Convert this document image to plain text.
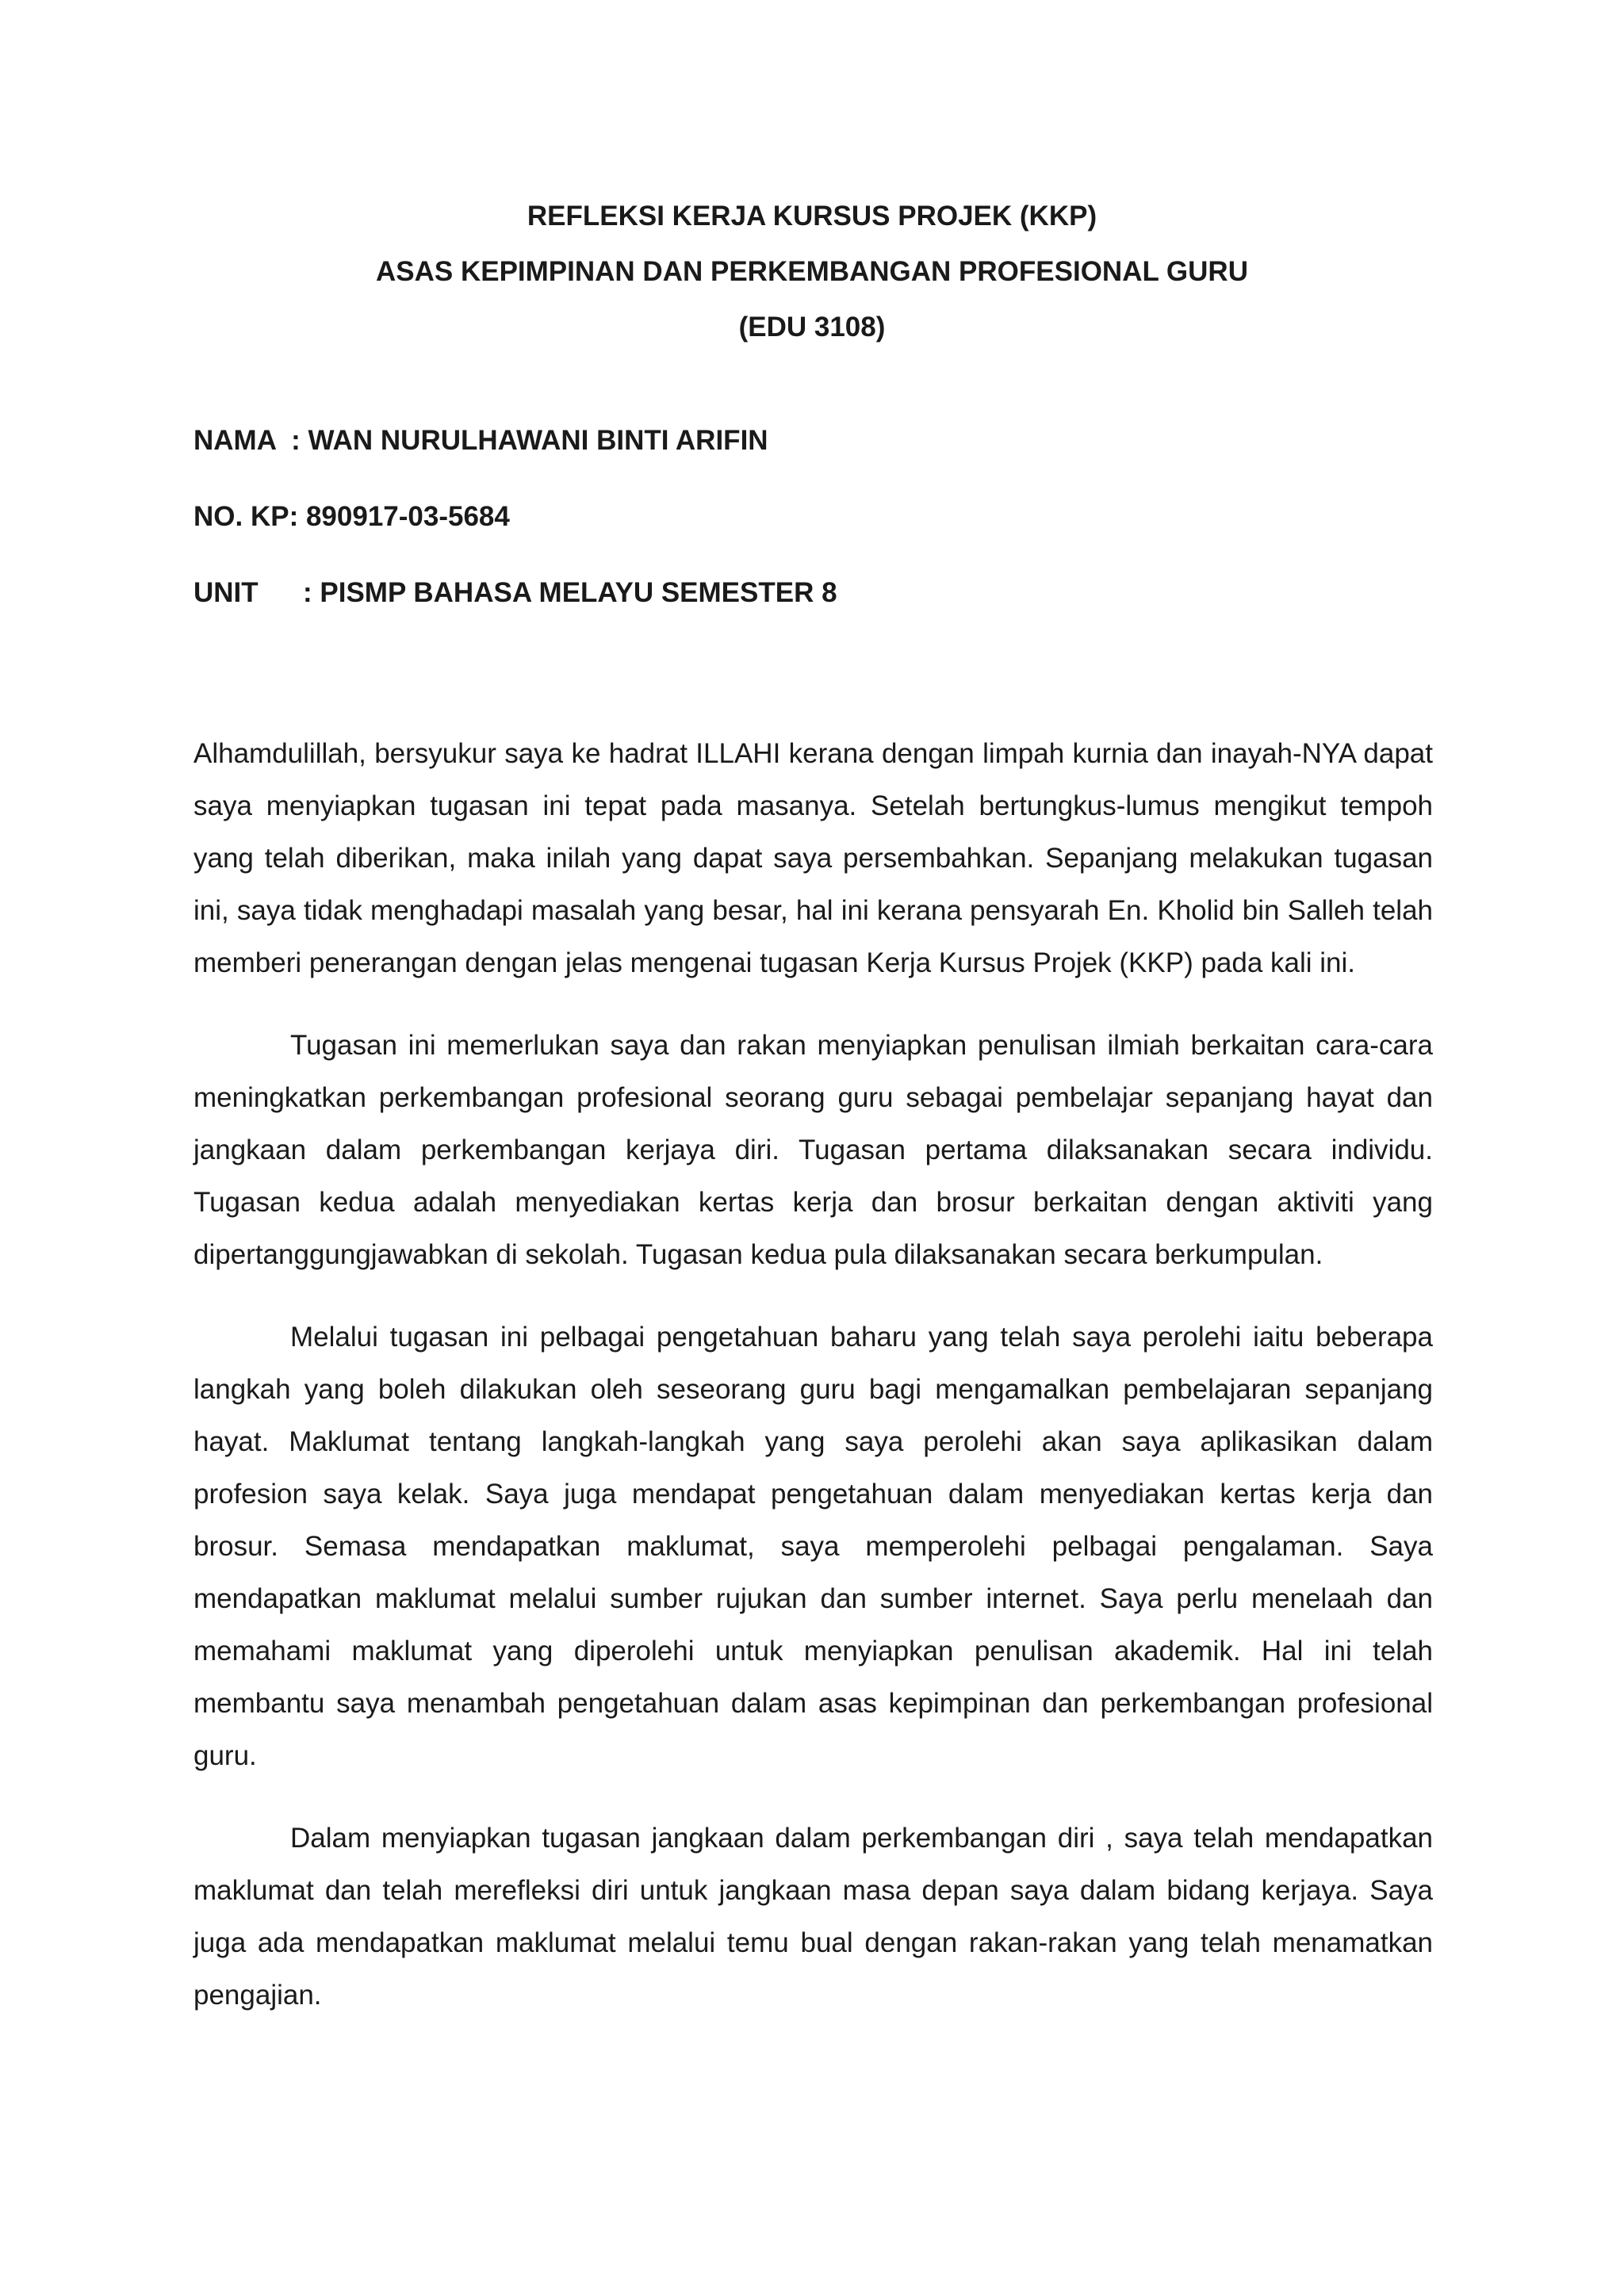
REFLEKSI KERJA KURSUS PROJEK (KKP)
ASAS KEPIMPINAN DAN PERKEMBANGAN PROFESIONAL GURU
(EDU 3108)
NAMA  : WAN NURULHAWANI BINTI ARIFIN
NO. KP: 890917-03-5684
UNIT : PISMP BAHASA MELAYU SEMESTER 8

Alhamdulillah, bersyukur saya ke hadrat ILLAHI kerana dengan limpah kurnia dan inayah-NYA dapat saya menyiapkan tugasan ini tepat pada masanya. Setelah bertungkus-lumus mengikut tempoh yang telah diberikan, maka inilah yang dapat saya persembahkan. Sepanjang melakukan tugasan ini, saya tidak menghadapi masalah yang besar, hal ini kerana pensyarah En. Kholid bin Salleh telah memberi penerangan dengan jelas mengenai tugasan Kerja Kursus Projek (KKP) pada kali ini.

Tugasan ini memerlukan saya dan rakan menyiapkan penulisan ilmiah berkaitan cara-cara meningkatkan perkembangan profesional seorang guru sebagai pembelajar sepanjang hayat dan jangkaan dalam perkembangan kerjaya diri. Tugasan pertama dilaksanakan secara individu. Tugasan kedua adalah menyediakan kertas kerja dan brosur berkaitan dengan aktiviti yang dipertanggungjawabkan di sekolah. Tugasan kedua pula dilaksanakan secara berkumpulan.

Melalui tugasan ini pelbagai pengetahuan baharu yang telah saya perolehi iaitu beberapa langkah yang boleh dilakukan oleh seseorang guru bagi mengamalkan pembelajaran sepanjang hayat. Maklumat tentang langkah-langkah yang saya perolehi akan saya aplikasikan dalam profesion saya kelak. Saya juga mendapat pengetahuan dalam menyediakan kertas kerja dan brosur. Semasa mendapatkan maklumat, saya memperolehi pelbagai pengalaman. Saya mendapatkan maklumat melalui sumber rujukan dan sumber internet. Saya perlu menelaah dan memahami maklumat yang diperolehi untuk menyiapkan penulisan akademik. Hal ini telah membantu saya menambah pengetahuan dalam asas kepimpinan dan perkembangan profesional guru.

Dalam menyiapkan tugasan jangkaan dalam perkembangan diri , saya telah mendapatkan maklumat dan telah merefleksi diri untuk jangkaan masa depan saya dalam bidang kerjaya. Saya juga ada mendapatkan maklumat melalui temu bual dengan rakan-rakan yang telah menamatkan pengajian.
